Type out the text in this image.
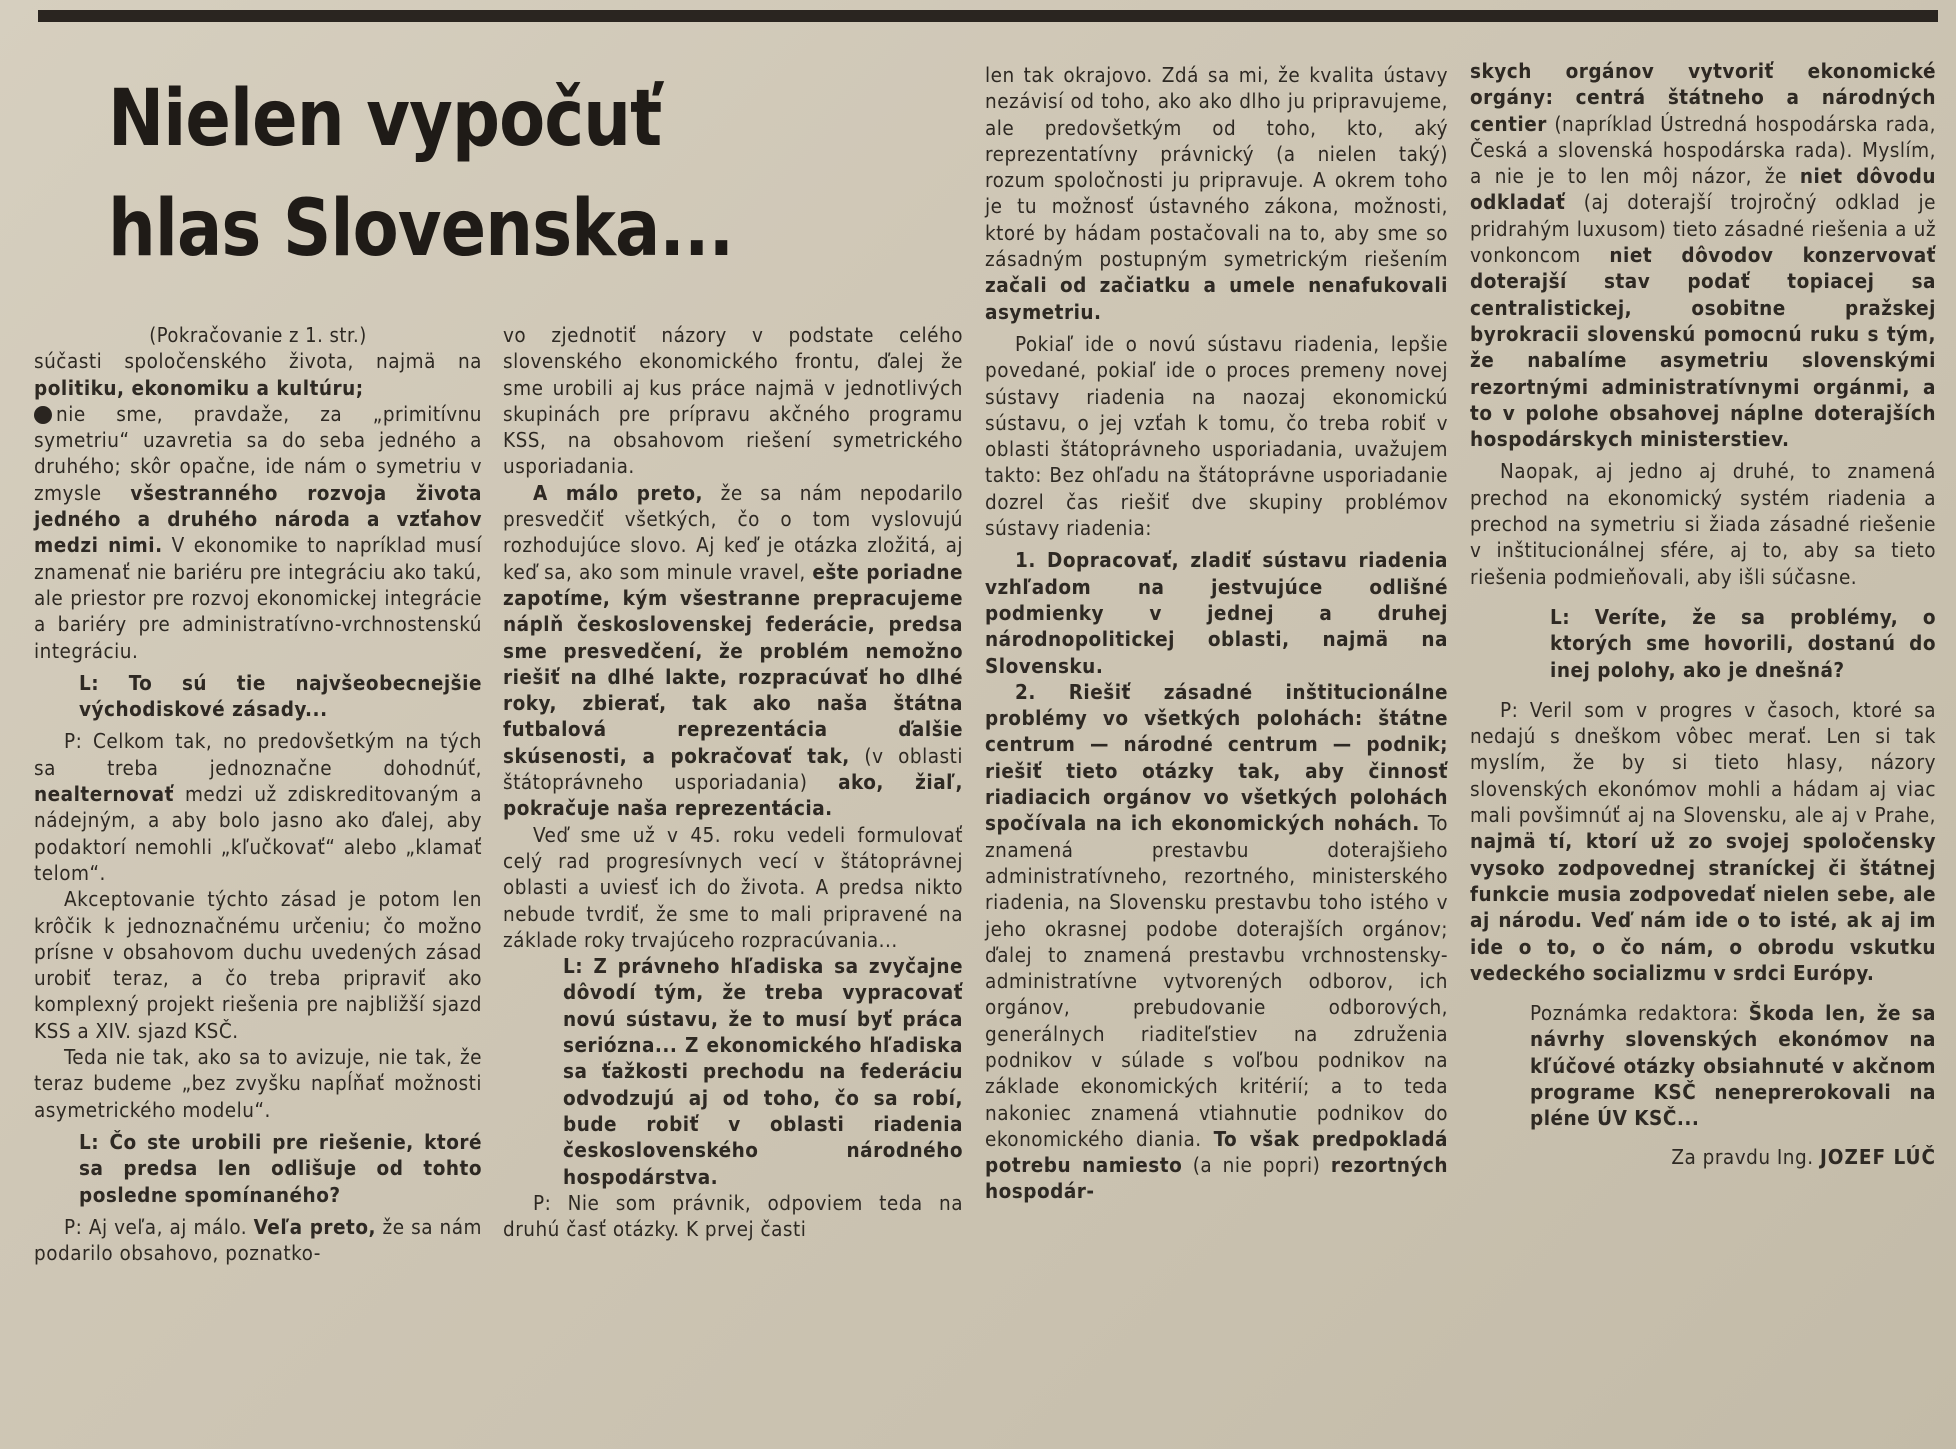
Nielen vypočuť
hlas Slovenska...

(Pokračovanie z 1. str.)

súčasti spoločenského života, najmä na politiku, ekonomiku a kultúru;

nie sme, pravdaže, za „primitívnu symetriu“ uzavretia sa do seba jedného a druhého; skôr opačne, ide nám o symetriu v zmysle všestranného rozvoja života jedného a druhého národa a vzťahov medzi nimi. V ekonomike to napríklad musí znamenať nie bariéru pre integráciu ako takú, ale priestor pre rozvoj ekonomickej integrácie a bariéry pre administratívno-vrchnostenskú integráciu.

L: To sú tie najvšeobecnejšie východiskové zásady...

P: Celkom tak, no predovšetkým na tých sa treba jednoznačne dohodnúť, nealternovať medzi už zdiskreditovaným a nádejným, a aby bolo jasno ako ďalej, aby podaktorí nemohli „kľučkovať“ alebo „klamať telom“.

Akceptovanie týchto zásad je potom len krôčik k jednoznačnému určeniu; čo možno prísne v obsahovom duchu uvedených zásad urobiť teraz, a čo treba pripraviť ako komplexný projekt riešenia pre najbližší sjazd KSS a XIV. sjazd KSČ.

Teda nie tak, ako sa to avizuje, nie tak, že teraz budeme „bez zvyšku napĺňať možnosti asymetrického modelu“.

L: Čo ste urobili pre riešenie, ktoré sa predsa len odlišuje od tohto posledne spomínaného?

P: Aj veľa, aj málo. Veľa preto, že sa nám podarilo obsahovo, poznatko-

vo zjednotiť názory v podstate celého slovenského ekonomického frontu, ďalej že sme urobili aj kus práce najmä v jednotlivých skupinách pre prípravu akčného programu KSS, na obsahovom riešení symetrického usporiadania.

A málo preto, že sa nám nepodarilo presvedčiť všetkých, čo o tom vyslovujú rozhodujúce slovo. Aj keď je otázka zložitá, aj keď sa, ako som minule vravel, ešte poriadne zapotíme, kým všestranne prepracujeme náplň československej federácie, predsa sme presvedčení, že problém nemožno riešiť na dlhé lakte, rozpracúvať ho dlhé roky, zbierať, tak ako naša štátna futbalová reprezentácia ďalšie skúsenosti, a pokračovať tak, (v oblasti štátoprávneho usporiadania) ako, žiaľ, pokračuje naša reprezentácia.

Veď sme už v 45. roku vedeli formulovať celý rad progresívnych vecí v štátoprávnej oblasti a uviesť ich do života. A predsa nikto nebude tvrdiť, že sme to mali pripravené na základe roky trvajúceho rozpracúvania...

L: Z právneho hľadiska sa zvyčajne dôvodí tým, že treba vypracovať novú sústavu, že to musí byť práca seriózna... Z ekonomického hľadiska sa ťažkosti prechodu na federáciu odvodzujú aj od toho, čo sa robí, bude robiť v oblasti riadenia československého národného hospodárstva.

P: Nie som právnik, odpoviem teda na druhú časť otázky. K prvej časti

len tak okrajovo. Zdá sa mi, že kvalita ústavy nezávisí od toho, ako ako dlho ju pripravujeme, ale predovšetkým od toho, kto, aký reprezentatívny právnický (a nielen taký) rozum spoločnosti ju pripravuje. A okrem toho je tu možnosť ústavného zákona, možnosti, ktoré by hádam postačovali na to, aby sme so zásadným postupným symetrickým riešením začali od začiatku a umele nenafukovali asymetriu.

Pokiaľ ide o novú sústavu riadenia, lepšie povedané, pokiaľ ide o proces premeny novej sústavy riadenia na naozaj ekonomickú sústavu, o jej vzťah k tomu, čo treba robiť v oblasti štátoprávneho usporiadania, uvažujem takto: Bez ohľadu na štátoprávne usporiadanie dozrel čas riešiť dve skupiny problémov sústavy riadenia:

1. Dopracovať, zladiť sústavu riadenia vzhľadom na jestvujúce odlišné podmienky v jednej a druhej národnopolitickej oblasti, najmä na Slovensku.

2. Riešiť zásadné inštitucionálne problémy vo všetkých polohách: štátne centrum — národné centrum — podnik; riešiť tieto otázky tak, aby činnosť riadiacich orgánov vo všetkých polohách spočívala na ich ekonomických nohách. To znamená prestavbu doterajšieho administratívneho, rezortného, ministerského riadenia, na Slovensku prestavbu toho istého v jeho okrasnej podobe doterajších orgánov; ďalej to znamená prestavbu vrchnostensky-administratívne vytvorených odborov, ich orgánov, prebudovanie odborových, generálnych riaditeľstiev na združenia podnikov v súlade s voľbou podnikov na základe ekonomických kritérií; a to teda nakoniec znamená vtiahnutie podnikov do ekonomického diania. To však predpokladá potrebu namiesto (a nie popri) rezortných hospodár-

skych orgánov vytvoriť ekonomické orgány: centrá štátneho a národných centier (napríklad Ústredná hospodárska rada, Česká a slovenská hospodárska rada). Myslím, a nie je to len môj názor, že niet dôvodu odkladať (aj doterajší trojročný odklad je pridrahým luxusom) tieto zásadné riešenia a už vonkoncom niet dôvodov konzervovať doterajší stav podať topiacej sa centralistickej, osobitne pražskej byrokracii slovenskú pomocnú ruku s tým, že nabalíme asymetriu slovenskými rezortnými administratívnymi orgánmi, a to v polohe obsahovej náplne doterajších hospodárskych ministerstiev.

Naopak, aj jedno aj druhé, to znamená prechod na ekonomický systém riadenia a prechod na symetriu si žiada zásadné riešenie v inštitucionálnej sfére, aj to, aby sa tieto riešenia podmieňovali, aby išli súčasne.

L: Veríte, že sa problémy, o ktorých sme hovorili, dostanú do inej polohy, ako je dnešná?

P: Veril som v progres v časoch, ktoré sa nedajú s dneškom vôbec merať. Len si tak myslím, že by si tieto hlasy, názory slovenských ekonómov mohli a hádam aj viac mali povšimnúť aj na Slovensku, ale aj v Prahe, najmä tí, ktorí už zo svojej spoločensky vysoko zodpovednej straníckej či štátnej funkcie musia zodpovedať nielen sebe, ale aj národu. Veď nám ide o to isté, ak aj im ide o to, o čo nám, o obrodu vskutku vedeckého socializmu v srdci Európy.

Poznámka redaktora: Škoda len, že sa návrhy slovenských ekonómov na kľúčové otázky obsiahnuté v akčnom programe KSČ neneprerokovali na pléne ÚV KSČ...

Za pravdu Ing. JOZEF LÚČ
